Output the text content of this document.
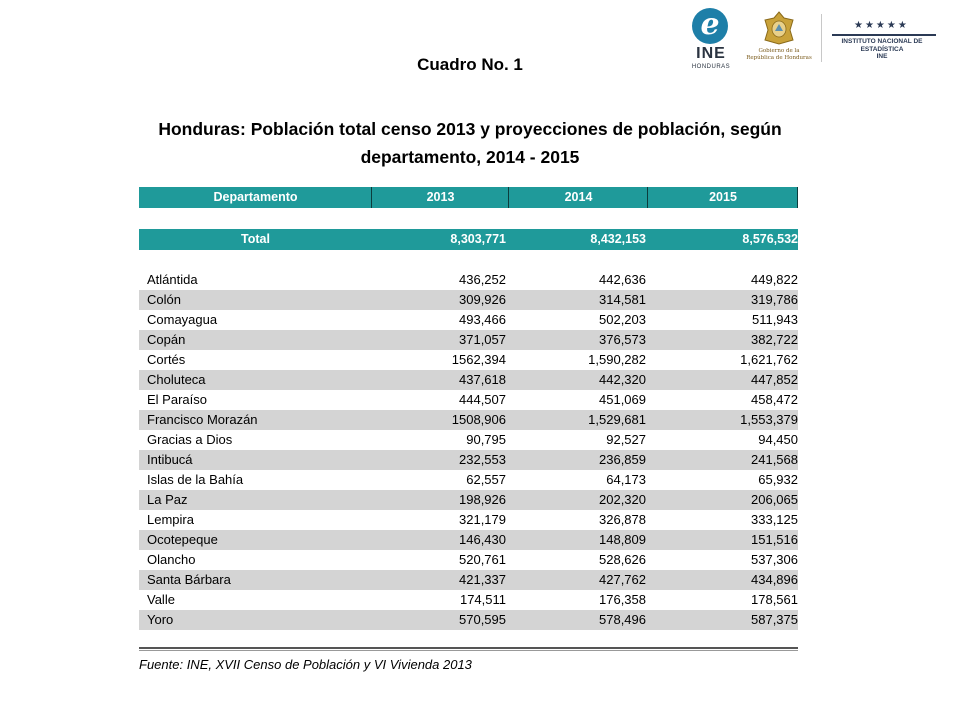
Cuadro No. 1
Honduras: Población total censo 2013 y proyecciones de población, según
departamento, 2014 - 2015
e
INE
HONDURAS
Gobierno de la
República de Honduras
★★★★★
INSTITUTO NACIONAL DE
ESTADÍSTICA
INE
Departamento	2013	2014	2015
Total	8,303,771	8,432,153	8,576,532
Atlántida	436,252	442,636	449,822
Colón	309,926	314,581	319,786
Comayagua	493,466	502,203	511,943
Copán	371,057	376,573	382,722
Cortés	1562,394	1,590,282	1,621,762
Choluteca	437,618	442,320	447,852
El Paraíso	444,507	451,069	458,472
Francisco Morazán	1508,906	1,529,681	1,553,379
Gracias a Dios	90,795	92,527	94,450
Intibucá	232,553	236,859	241,568
Islas de la Bahía	62,557	64,173	65,932
La Paz	198,926	202,320	206,065
Lempira	321,179	326,878	333,125
Ocotepeque	146,430	148,809	151,516
Olancho	520,761	528,626	537,306
Santa Bárbara	421,337	427,762	434,896
Valle	174,511	176,358	178,561
Yoro	570,595	578,496	587,375
Fuente: INE, XVII Censo de Población y VI Vivienda 2013
